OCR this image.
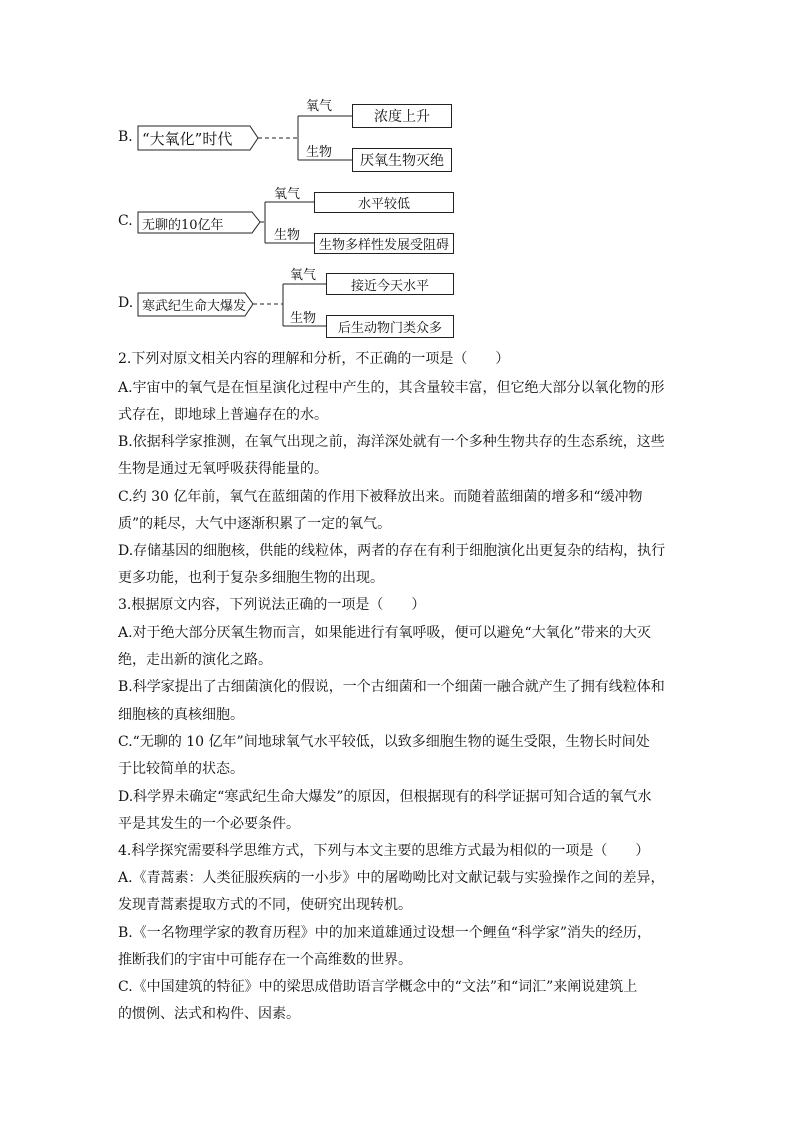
B. “大氧化”时代
氧气
生物
浓度上升
厌氧生物灭绝
C. 无聊的10亿年
氧气
生物
水平较低
生物多样性发展受阻碍
D. 寒武纪生命大爆发
氧气
生物
接近今天水平
后生动物门类众多
2.下列对原文相关内容的理解和分析，不正确的一项是（　　）
A.宇宙中的氧气是在恒星演化过程中产生的，其含量较丰富，但它绝大部分以氧化物的形
式存在，即地球上普遍存在的水。
B.依据科学家推测，在氧气出现之前，海洋深处就有一个多种生物共存的生态系统，这些
生物是通过无氧呼吸获得能量的。
C.约 30 亿年前，氧气在蓝细菌的作用下被释放出来。而随着蓝细菌的增多和“缓冲物
质”的耗尽，大气中逐渐积累了一定的氧气。
D.存储基因的细胞核，供能的线粒体，两者的存在有利于细胞演化出更复杂的结构，执行
更多功能，也利于复杂多细胞生物的出现。
3.根据原文内容，下列说法正确的一项是（　　）
A.对于绝大部分厌氧生物而言，如果能进行有氧呼吸，便可以避免“大氧化”带来的大灭
绝，走出新的演化之路。
B.科学家提出了古细菌演化的假说，一个古细菌和一个细菌一融合就产生了拥有线粒体和
细胞核的真核细胞。
C.“无聊的 10 亿年”间地球氧气水平较低，以致多细胞生物的诞生受限，生物长时间处
于比较简单的状态。
D.科学界未确定“寒武纪生命大爆发”的原因，但根据现有的科学证据可知合适的氧气水
平是其发生的一个必要条件。
4.科学探究需要科学思维方式，下列与本文主要的思维方式最为相似的一项是（　　）
A.《青蒿素：人类征服疾病的一小步》中的屠呦呦比对文献记载与实验操作之间的差异，
发现青蒿素提取方式的不同，使研究出现转机。
B.《一名物理学家的教育历程》中的加来道雄通过设想一个鲤鱼“科学家”消失的经历，
推断我们的宇宙中可能存在一个高维数的世界。
C.《中国建筑的特征》中的梁思成借助语言学概念中的“文法”和“词汇”来阐说建筑上
的惯例、法式和构件、因素。
